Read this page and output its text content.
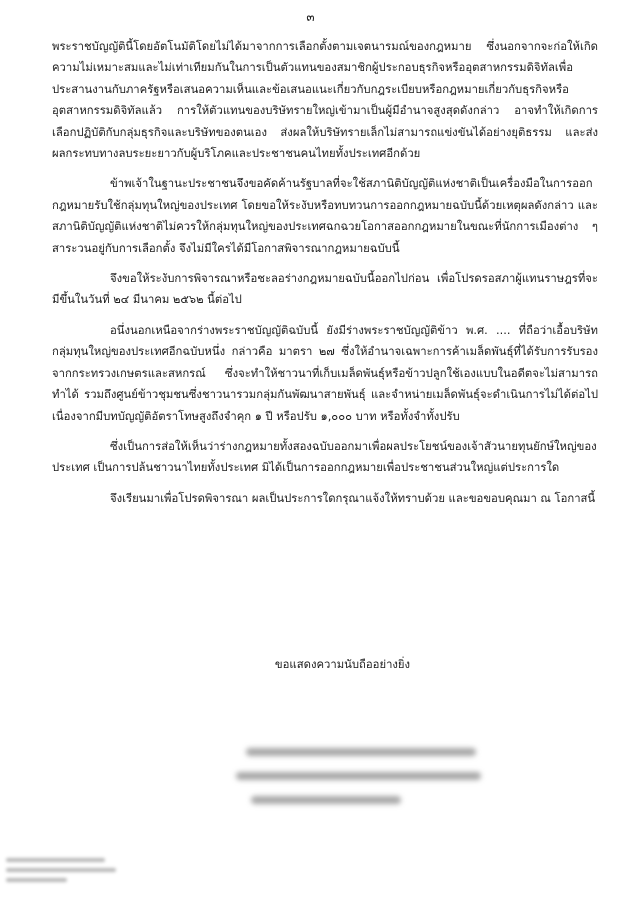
๓

พระราชบัญญัตินี้โดยอัตโนมัติโดยไม่ได้มาจากการเลือกตั้งตามเจตนารมณ์ของกฎหมาย ซึ่งนอกจากจะก่อให้เกิดความไม่เหมาะสมและไม่เท่าเทียมกันในการเป็นตัวแทนของสมาชิกผู้ประกอบธุรกิจหรืออุตสาหกรรมดิจิทัลเพื่อประสานงานกับภาครัฐหรือเสนอความเห็นและข้อเสนอแนะเกี่ยวกับกฎระเบียบหรือกฎหมายเกี่ยวกับธุรกิจหรืออุตสาหกรรมดิจิทัลแล้ว การให้ตัวแทนของบริษัทรายใหญ่เข้ามาเป็นผู้มีอำนาจสูงสุดดังกล่าว อาจทำให้เกิดการเลือกปฏิบัติกับกลุ่มธุรกิจและบริษัทของตนเอง ส่งผลให้บริษัทรายเล็กไม่สามารถแข่งขันได้อย่างยุติธรรม และส่งผลกระทบทางลบระยะยาวกับผู้บริโภคและประชาชนคนไทยทั้งประเทศอีกด้วย

ข้าพเจ้าในฐานะประชาชนจึงขอคัดค้านรัฐบาลที่จะใช้สภานิติบัญญัติแห่งชาติเป็นเครื่องมือในการออกกฎหมายรับใช้กลุ่มทุนใหญ่ของประเทศ โดยขอให้ระงับหรือทบทวนการออกกฎหมายฉบับนี้ด้วยเหตุผลดังกล่าว และสภานิติบัญญัติแห่งชาติไม่ควรให้กลุ่มทุนใหญ่ของประเทศฉกฉวยโอกาสออกกฎหมายในขณะที่นักการเมืองต่าง ๆ สาระวนอยู่กับการเลือกตั้ง จึงไม่มีใครได้มีโอกาสพิจารณากฎหมายฉบับนี้

จึงขอให้ระงับการพิจารณาหรือชะลอร่างกฎหมายฉบับนี้ออกไปก่อน เพื่อโปรดรอสภาผู้แทนราษฎรที่จะมีขึ้นในวันที่ ๒๔ มีนาคม ๒๕๖๒ นี้ต่อไป

อนึ่งนอกเหนือจากร่างพระราชบัญญัติฉบับนี้ ยังมีร่างพระราชบัญญัติข้าว พ.ศ. .... ที่ถือว่าเอื้อบริษัทกลุ่มทุนใหญ่ของประเทศอีกฉบับหนึ่ง กล่าวคือ มาตรา ๒๗ ซึ่งให้อำนาจเฉพาะการค้าเมล็ดพันธุ์ที่ได้รับการรับรองจากกระทรวงเกษตรและสหกรณ์ ซึ่งจะทำให้ชาวนาที่เก็บเมล็ดพันธุ์หรือข้าวปลูกใช้เองแบบในอดีตจะไม่สามารถทำได้ รวมถึงศูนย์ข้าวชุมชนซึ่งชาวนารวมกลุ่มกันพัฒนาสายพันธุ์ และจำหน่ายเมล็ดพันธุ์จะดำเนินการไม่ได้ต่อไป เนื่องจากมีบทบัญญัติอัตราโทษสูงถึงจำคุก ๑ ปี หรือปรับ ๑,๐๐๐ บาท หรือทั้งจำทั้งปรับ

ซึ่งเป็นการส่อให้เห็นว่าร่างกฎหมายทั้งสองฉบับออกมาเพื่อผลประโยชน์ของเจ้าสัวนายทุนยักษ์ใหญ่ของประเทศ เป็นการปล้นชาวนาไทยทั้งประเทศ มิได้เป็นการออกกฎหมายเพื่อประชาชนส่วนใหญ่แต่ประการใด

จึงเรียนมาเพื่อโปรดพิจารณา ผลเป็นประการใดกรุณาแจ้งให้ทราบด้วย และขอขอบคุณมา ณ โอกาสนี้

ขอแสดงความนับถืออย่างยิ่ง
